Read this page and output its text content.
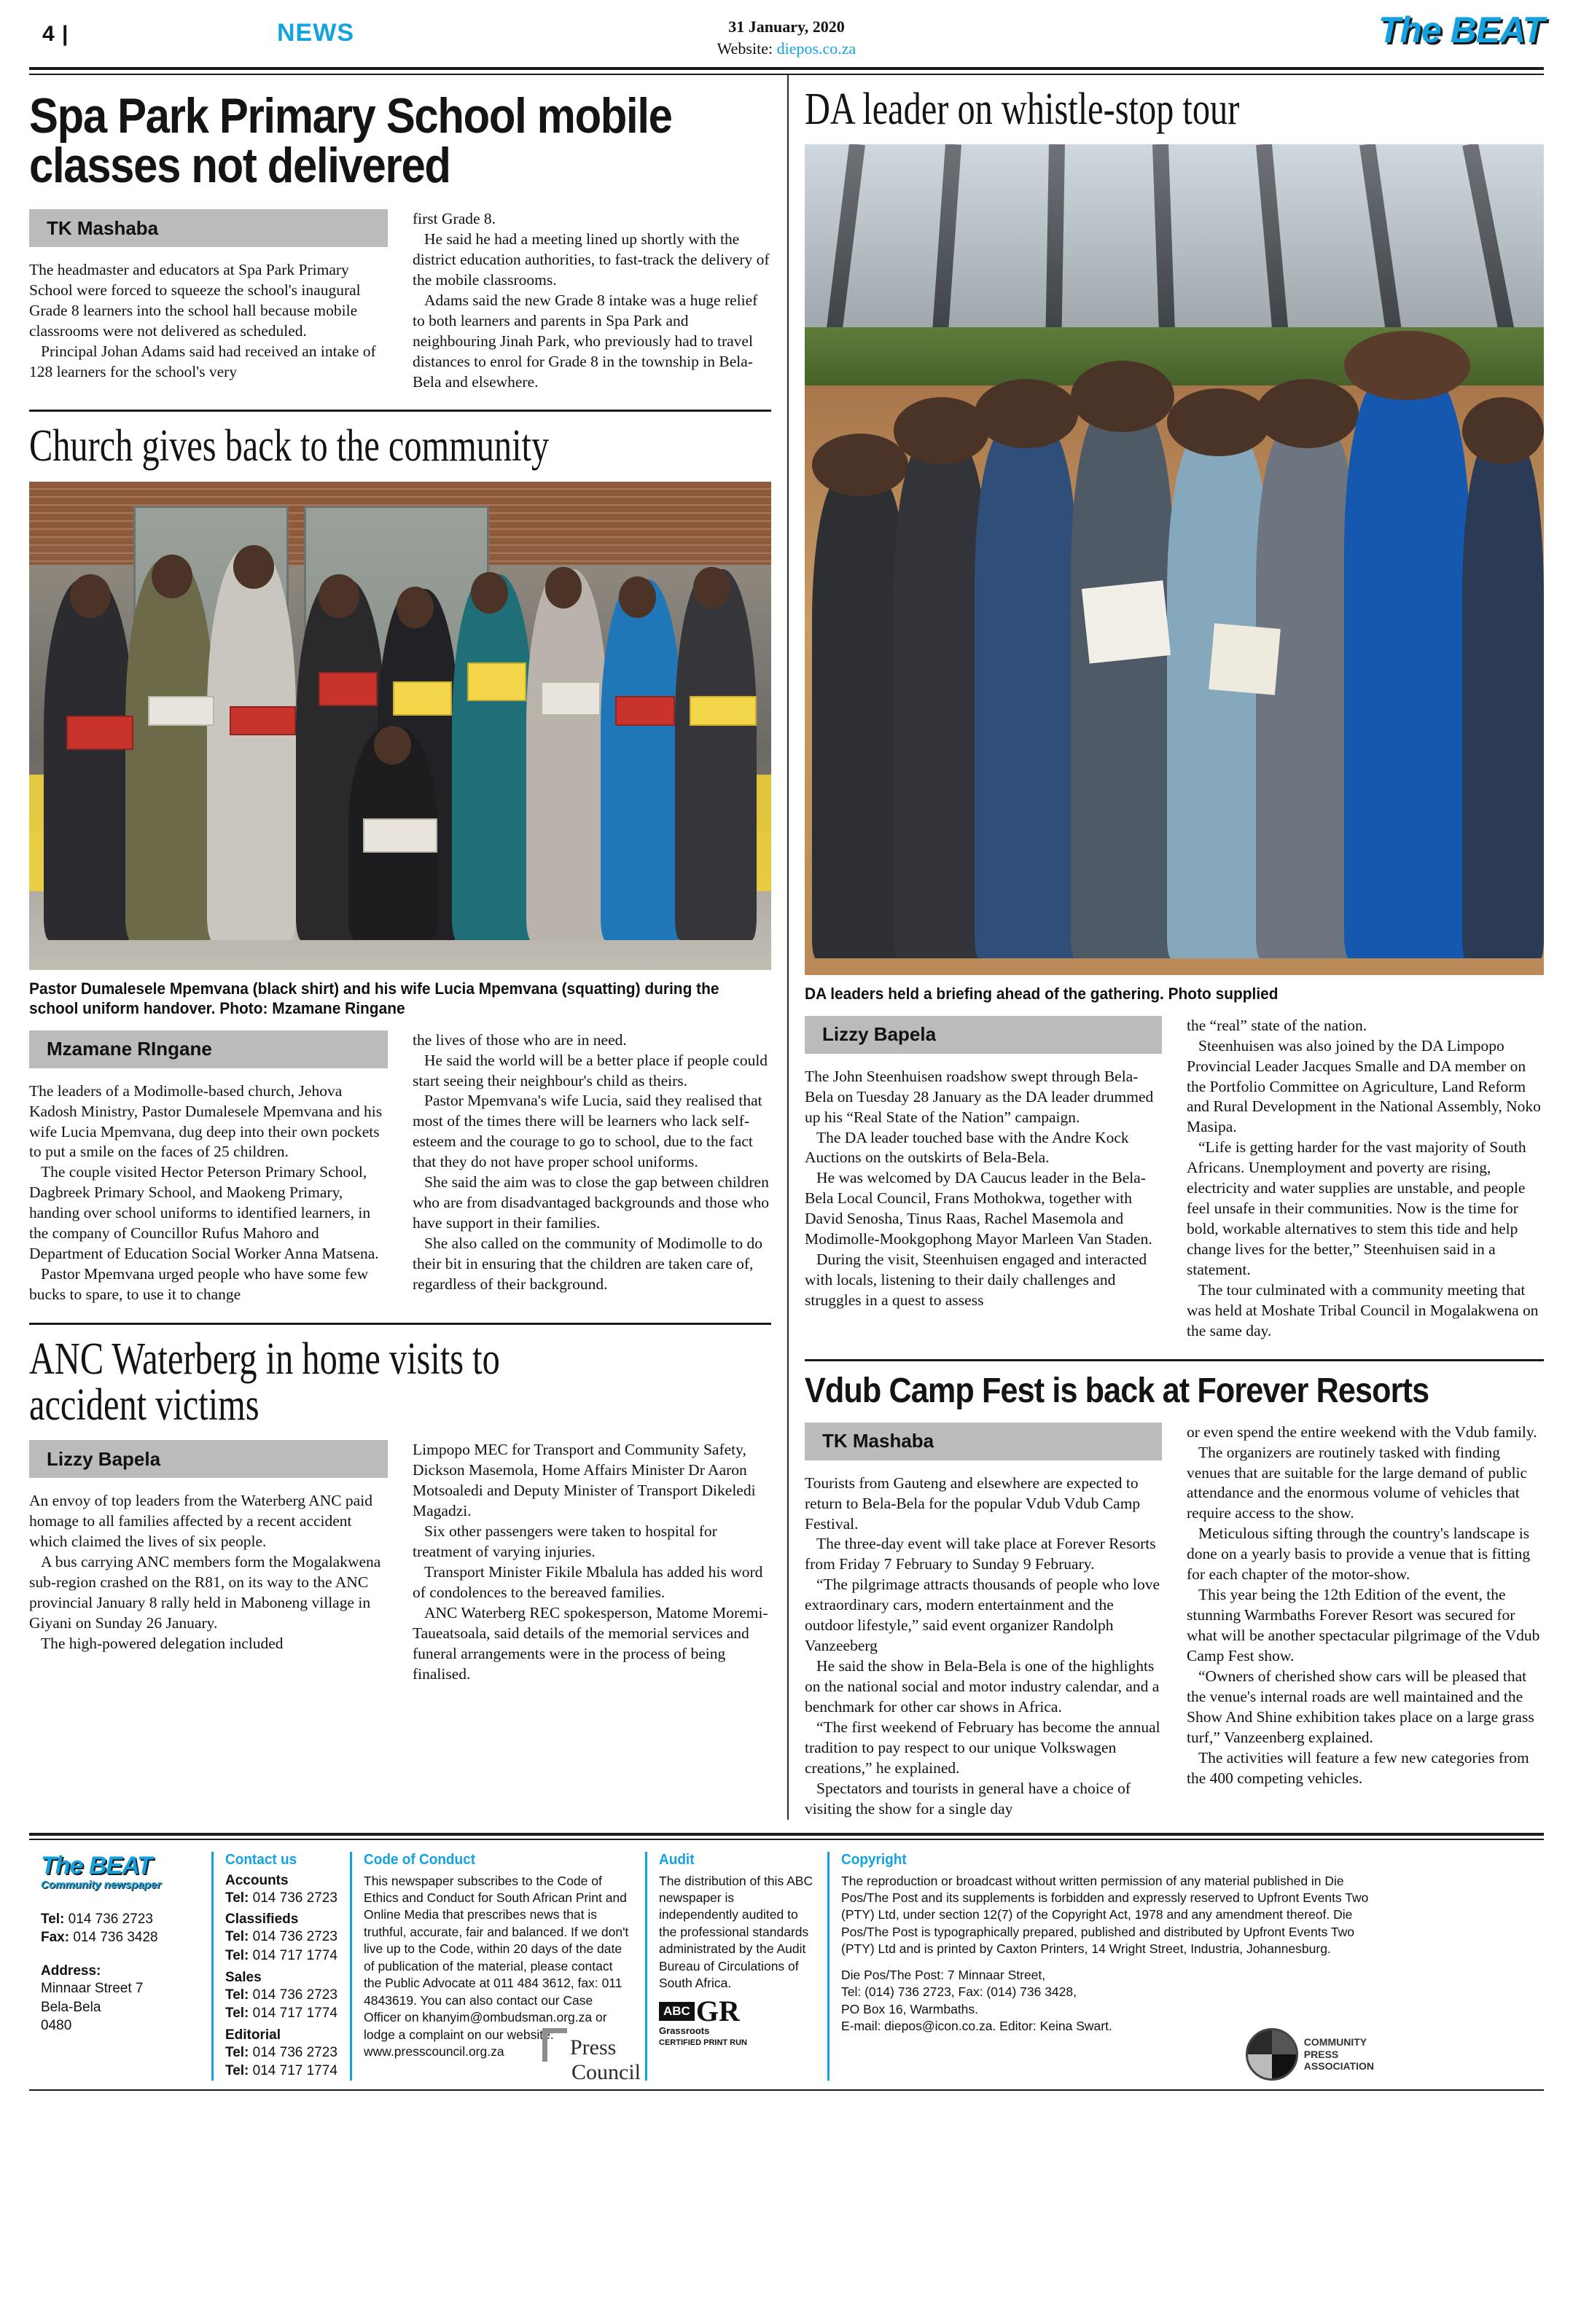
4 |	NEWS	31 January, 2020
Website: diepos.co.za	The BEAT
Spa Park Primary School mobile classes not delivered
TK Mashaba

The headmaster and educators at Spa Park Primary School were forced to squeeze the school's inaugural Grade 8 learners into the school hall because mobile classrooms were not delivered as scheduled.

Principal Johan Adams said had received an intake of 128 learners for the school's very

first Grade 8.

He said he had a meeting lined up shortly with the district education authorities, to fast-track the delivery of the mobile classrooms.

Adams said the new Grade 8 intake was a huge relief to both learners and parents in Spa Park and neighbouring Jinah Park, who previously had to travel distances to enrol for Grade 8 in the township in Bela-Bela and elsewhere.

Church gives back to the community
Pastor Dumalesele Mpemvana (black shirt) and his wife Lucia Mpemvana (squatting) during the school uniform handover. Photo: Mzamane Ringane
Mzamane RIngane

The leaders of a Modimolle-based church, Jehova Kadosh Ministry, Pastor Dumalesele Mpemvana and his wife Lucia Mpemvana, dug deep into their own pockets to put a smile on the faces of 25 children.

The couple visited Hector Peterson Primary School, Dagbreek Primary School, and Maokeng Primary, handing over school uniforms to identified learners, in the company of Councillor Rufus Mahoro and Department of Education Social Worker Anna Matsena.

Pastor Mpemvana urged people who have some few bucks to spare, to use it to change

the lives of those who are in need.

He said the world will be a better place if people could start seeing their neighbour's child as theirs.

Pastor Mpemvana's wife Lucia, said they realised that most of the times there will be learners who lack self-esteem and the courage to go to school, due to the fact that they do not have proper school uniforms.

She said the aim was to close the gap between children who are from disadvantaged backgrounds and those who have support in their families.

She also called on the community of Modimolle to do their bit in ensuring that the children are taken care of, regardless of their background.

ANC Waterberg in home visits to accident victims
Lizzy Bapela

An envoy of top leaders from the Waterberg ANC paid homage to all families affected by a recent accident which claimed the lives of six people.

A bus carrying ANC members form the Mogalakwena sub-region crashed on the R81, on its way to the ANC provincial January 8 rally held in Maboneng village in Giyani on Sunday 26 January.

The high-powered delegation included

Limpopo MEC for Transport and Community Safety, Dickson Masemola, Home Affairs Minister Dr Aaron Motsoaledi and Deputy Minister of Transport Dikeledi Magadzi.

Six other passengers were taken to hospital for treatment of varying injuries.

Transport Minister Fikile Mbalula has added his word of condolences to the bereaved families.

ANC Waterberg REC spokesperson, Matome Moremi-Taueatsoala, said details of the memorial services and funeral arrangements were in the process of being finalised.

DA leader on whistle-stop tour
DA leaders held a briefing ahead of the gathering. Photo supplied
Lizzy Bapela

The John Steenhuisen roadshow swept through Bela-Bela on Tuesday 28 January as the DA leader drummed up his “Real State of the Nation” campaign.

The DA leader touched base with the Andre Kock Auctions on the outskirts of Bela-Bela.

He was welcomed by DA Caucus leader in the Bela-Bela Local Council, Frans Mothokwa, together with David Senosha, Tinus Raas, Rachel Masemola and Modimolle-Mookgophong Mayor Marleen Van Staden.

During the visit, Steenhuisen engaged and interacted with locals, listening to their daily challenges and struggles in a quest to assess

the “real” state of the nation.

Steenhuisen was also joined by the DA Limpopo Provincial Leader Jacques Smalle and DA member on the Portfolio Committee on Agriculture, Land Reform and Rural Development in the National Assembly, Noko Masipa.

“Life is getting harder for the vast majority of South Africans. Unemployment and poverty are rising, electricity and water supplies are unstable, and people feel unsafe in their communities. Now is the time for bold, workable alternatives to stem this tide and help change lives for the better,” Steenhuisen said in a statement.

The tour culminated with a community meeting that was held at Moshate Tribal Council in Mogalakwena on the same day.

Vdub Camp Fest is back at Forever Resorts
TK Mashaba

Tourists from Gauteng and elsewhere are expected to return to Bela-Bela for the popular Vdub Vdub Camp Festival.

The three-day event will take place at Forever Resorts from Friday 7 February to Sunday 9 February.

“The pilgrimage attracts thousands of people who love extraordinary cars, modern entertainment and the outdoor lifestyle,” said event organizer Randolph Vanzeeberg

He said the show in Bela-Bela is one of the highlights on the national social and motor industry calendar, and a benchmark for other car shows in Africa.

“The first weekend of February has become the annual tradition to pay respect to our unique Volkswagen creations,” he explained.

Spectators and tourists in general have a choice of visiting the show for a single day

or even spend the entire weekend with the Vdub family.

The organizers are routinely tasked with finding venues that are suitable for the large demand of public attendance and the enormous volume of vehicles that require access to the show.

Meticulous sifting through the country's landscape is done on a yearly basis to provide a venue that is fitting for each chapter of the motor-show.

This year being the 12th Edition of the event, the stunning Warmbaths Forever Resort was secured for what will be another spectacular pilgrimage of the Vdub Camp Fest show.

“Owners of cherished show cars will be pleased that the venue's internal roads are well maintained and the Show And Shine exhibition takes place on a large grass turf,” Vanzeenberg explained.

The activities will feature a few new categories from the 400 competing vehicles.

The BEAT
Community newspaper
Tel: 014 736 2723
Fax: 014 736 3428
Address:
Minnaar Street 7
Bela-Bela
0480
Contact us
Accounts
Tel: 014 736 2723
Classifieds
Tel: 014 736 2723
Tel: 014 717 1774
Sales
Tel: 014 736 2723
Tel: 014 717 1774
Editorial
Tel: 014 736 2723
Tel: 014 717 1774
Code of Conduct
This newspaper subscribes to the Code of Ethics and Conduct for South African Print and Online Media that prescribes news that is truthful, accurate, fair and balanced. If we don't live up to the Code, within 20 days of the date of publication of the material, please contact the Public Advocate at 011 484 3612, fax: 011 4843619. You can also contact our Case Officer on khanyim@ombudsman.org.za or lodge a complaint on our website: www.presscouncil.org.za	Press
Council
Audit
The distribution of this ABC newspaper is independently audited to the professional standards administrated by the Audit Bureau of Circulations of South Africa.
ABC GR
Grassroots
CERTIFIED PRINT RUN
Copyright
The reproduction or broadcast without written permission of any material published in Die Pos/The Post and its supplements is forbidden and expressly reserved to Upfront Events Two (PTY) Ltd, under section 12(7) of the Copyright Act, 1978 and any amendment thereof. Die Pos/The Post is typographically prepared, published and distributed by Upfront Events Two (PTY) Ltd and is printed by Caxton Printers, 14 Wright Street, Industria, Johannesburg.
Die Pos/The Post: 7 Minnaar Street,
Tel: (014) 736 2723, Fax: (014) 736 3428,
PO Box 16, Warmbaths.
E-mail: diepos@icon.co.za. Editor: Keina Swart.
COMMUNITY
PRESS
ASSOCIATION
